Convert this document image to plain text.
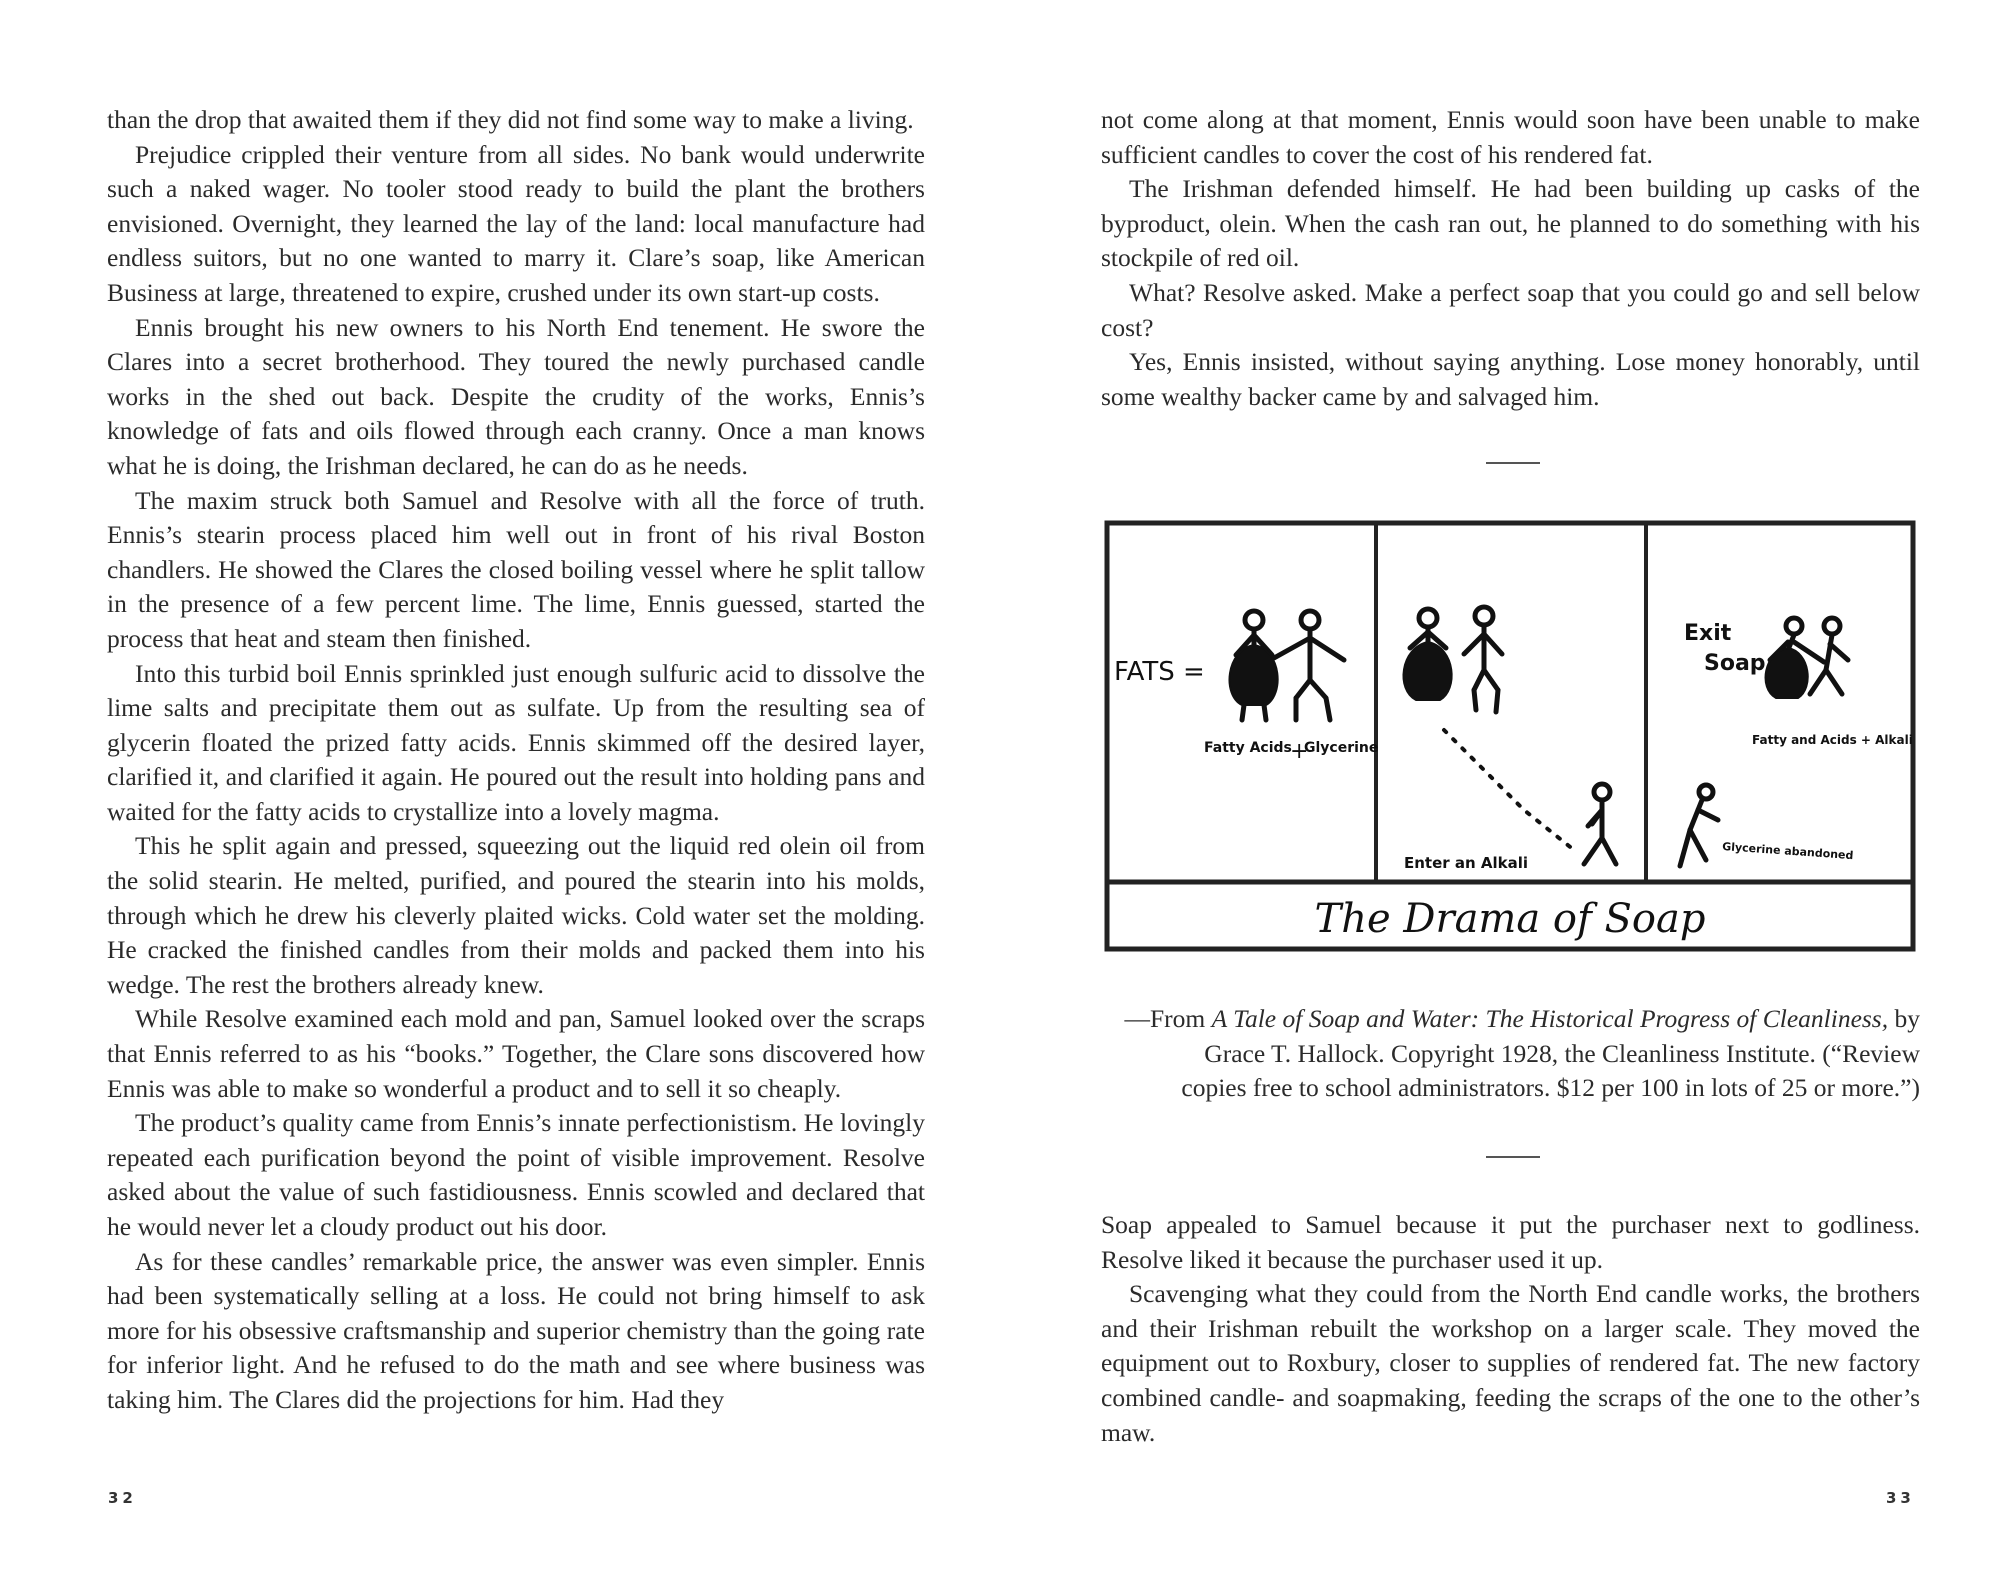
than the drop that awaited them if they did not find some way to make a living.

Prejudice crippled their venture from all sides. No bank would underwrite such a naked wager. No tooler stood ready to build the plant the brothers envisioned. Overnight, they learned the lay of the land: local manufacture had endless suitors, but no one wanted to marry it. Clare’s soap, like American Business at large, threatened to expire, crushed under its own start-up costs.

Ennis brought his new owners to his North End tenement. He swore the Clares into a secret brotherhood. They toured the newly purchased candle works in the shed out back. Despite the crudity of the works, Ennis’s knowledge of fats and oils flowed through each cranny. Once a man knows what he is doing, the Irishman declared, he can do as he needs.

The maxim struck both Samuel and Resolve with all the force of truth. Ennis’s stearin process placed him well out in front of his rival Boston chandlers. He showed the Clares the closed boiling vessel where he split tallow in the presence of a few percent lime. The lime, Ennis guessed, started the process that heat and steam then finished.

Into this turbid boil Ennis sprinkled just enough sulfuric acid to dissolve the lime salts and precipitate them out as sulfate. Up from the resulting sea of glycerin floated the prized fatty acids. Ennis skimmed off the desired layer, clarified it, and clarified it again. He poured out the result into holding pans and waited for the fatty acids to crystallize into a lovely magma.

This he split again and pressed, squeezing out the liquid red olein oil from the solid stearin. He melted, purified, and poured the stearin into his molds, through which he drew his cleverly plaited wicks. Cold water set the molding. He cracked the finished candles from their molds and packed them into his wedge. The rest the brothers already knew.

While Resolve examined each mold and pan, Samuel looked over the scraps that Ennis referred to as his “books.” Together, the Clare sons discovered how Ennis was able to make so wonderful a product and to sell it so cheaply.

The product’s quality came from Ennis’s innate perfectionistism. He lovingly repeated each purification beyond the point of visible improvement. Resolve asked about the value of such fastidiousness. Ennis scowled and declared that he would never let a cloudy product out his door.

As for these candles’ remarkable price, the answer was even simpler. Ennis had been systematically selling at a loss. He could not bring himself to ask more for his obsessive craftsmanship and superior chemistry than the going rate for inferior light. And he refused to do the math and see where business was taking him. The Clares did the projections for him. Had they

32

not come along at that moment, Ennis would soon have been unable to make sufficient candles to cover the cost of his rendered fat.

The Irishman defended himself. He had been building up casks of the byproduct, olein. When the cash ran out, he planned to do something with his stockpile of red oil.

What? Resolve asked. Make a perfect soap that you could go and sell below cost?

Yes, Ennis insisted, without saying anything. Lose money honorably, until some wealthy backer came by and salvaged him.

FATS =
Fatty Acids
+
Glycerine
Enter an Alkali
Exit
Soap
Fatty and Acids + Alkali
Glycerine abandoned
The Drama of Soap
—From A Tale of Soap and Water: The Historical Progress of Cleanliness, by
Grace T. Hallock. Copyright 1928, the Cleanliness Institute. (“Review
copies free to school administrators. $12 per 100 in lots of 25 or more.”)

Soap appealed to Samuel because it put the purchaser next to godliness. Resolve liked it because the purchaser used it up.

Scavenging what they could from the North End candle works, the brothers and their Irishman rebuilt the workshop on a larger scale. They moved the equipment out to Roxbury, closer to supplies of rendered fat. The new factory combined candle- and soapmaking, feeding the scraps of the one to the other’s maw.

33
